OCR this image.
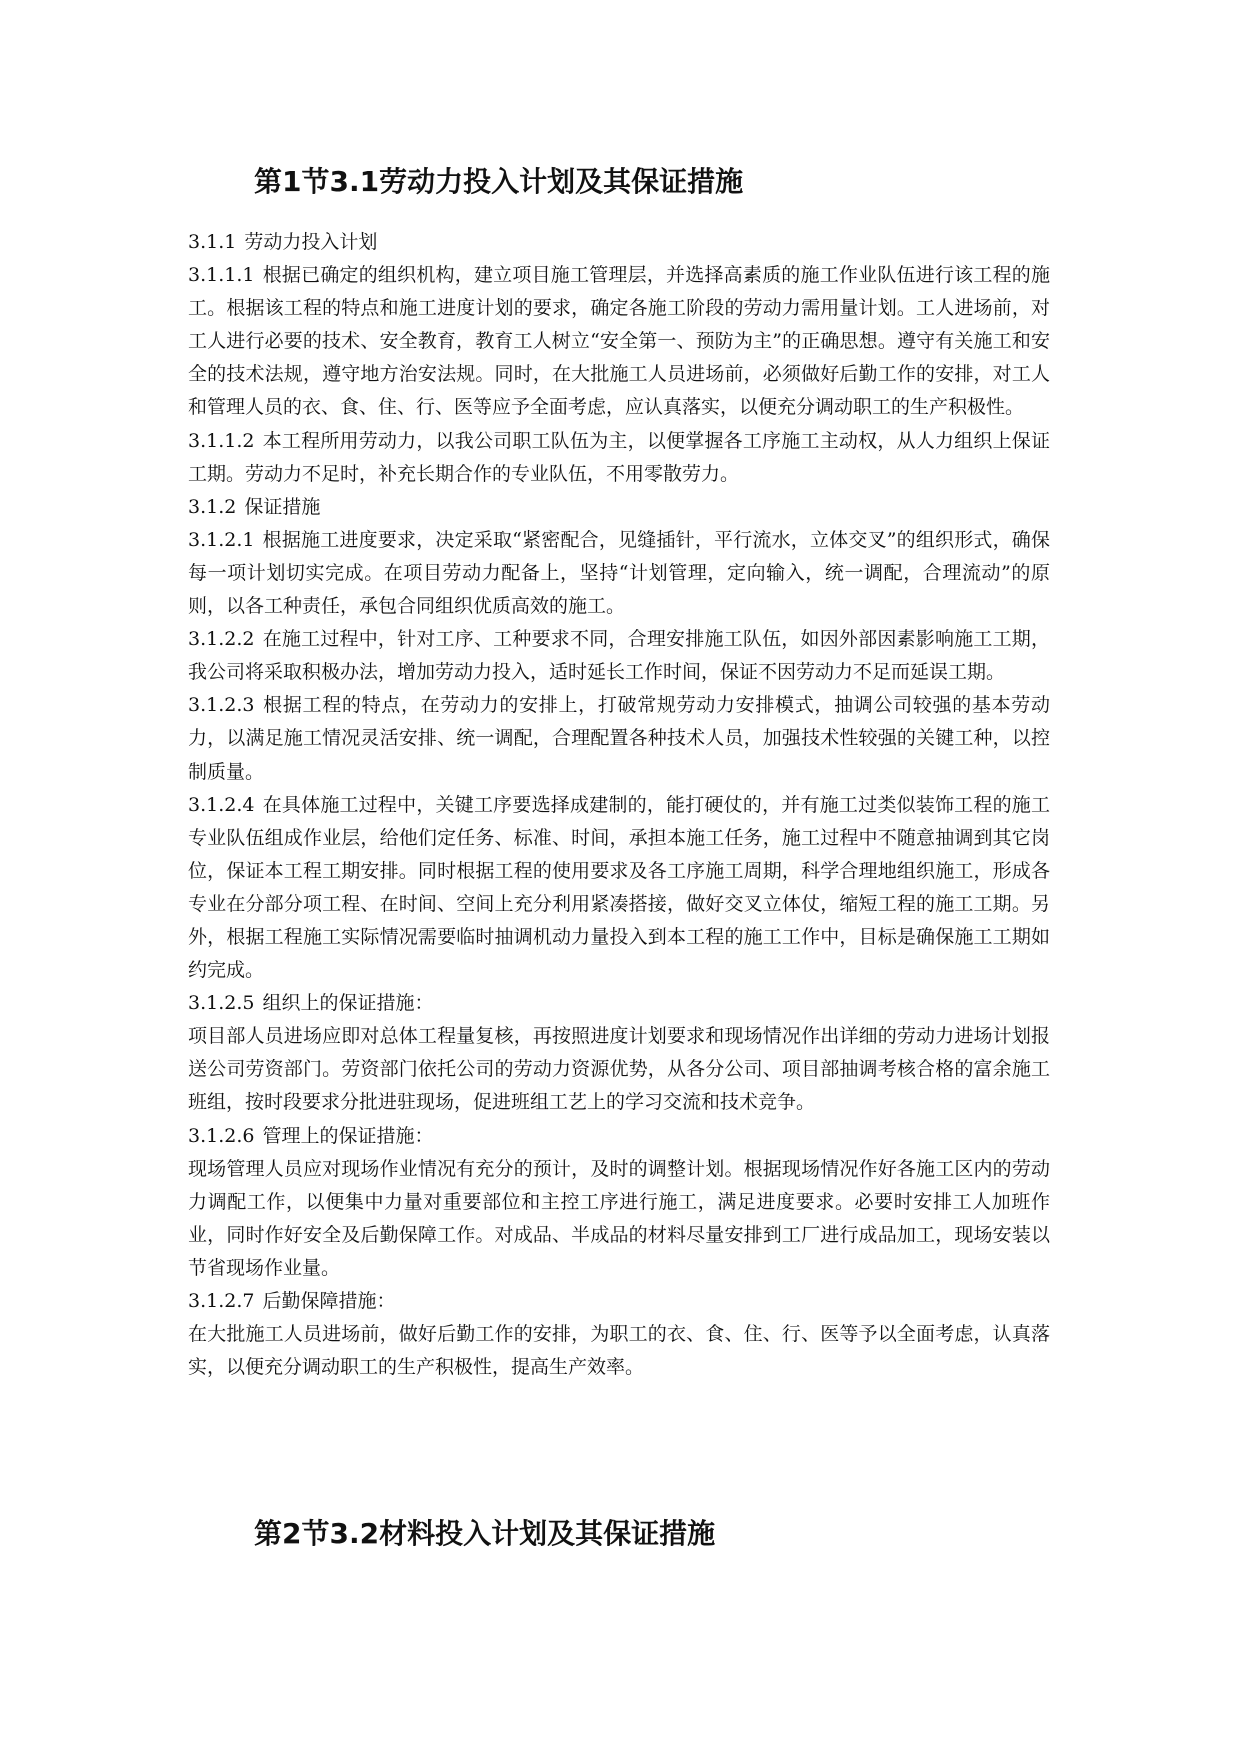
第1节3.1劳动力投入计划及其保证措施

3.1.1 劳动力投入计划

3.1.1.1 根据已确定的组织机构，建立项目施工管理层，并选择高素质的施工作业队伍进行该工程的施工。根据该工程的特点和施工进度计划的要求，确定各施工阶段的劳动力需用量计划。工人进场前，对工人进行必要的技术、安全教育，教育工人树立“安全第一、预防为主”的正确思想。遵守有关施工和安全的技术法规，遵守地方治安法规。同时，在大批施工人员进场前，必须做好后勤工作的安排，对工人和管理人员的衣、食、住、行、医等应予全面考虑，应认真落实，以便充分调动职工的生产积极性。

3.1.1.2 本工程所用劳动力，以我公司职工队伍为主，以便掌握各工序施工主动权，从人力组织上保证工期。劳动力不足时，补充长期合作的专业队伍，不用零散劳力。

3.1.2 保证措施

3.1.2.1 根据施工进度要求，决定采取“紧密配合，见缝插针，平行流水，立体交叉”的组织形式，确保每一项计划切实完成。在项目劳动力配备上，坚持“计划管理，定向输入，统一调配，合理流动”的原则，以各工种责任，承包合同组织优质高效的施工。

3.1.2.2 在施工过程中，针对工序、工种要求不同，合理安排施工队伍，如因外部因素影响施工工期，我公司将采取积极办法，增加劳动力投入，适时延长工作时间，保证不因劳动力不足而延误工期。

3.1.2.3 根据工程的特点，在劳动力的安排上，打破常规劳动力安排模式，抽调公司较强的基本劳动力，以满足施工情况灵活安排、统一调配，合理配置各种技术人员，加强技术性较强的关键工种，以控制质量。

3.1.2.4 在具体施工过程中，关键工序要选择成建制的，能打硬仗的，并有施工过类似装饰工程的施工专业队伍组成作业层，给他们定任务、标准、时间，承担本施工任务，施工过程中不随意抽调到其它岗位，保证本工程工期安排。同时根据工程的使用要求及各工序施工周期，科学合理地组织施工，形成各专业在分部分项工程、在时间、空间上充分利用紧凑搭接，做好交叉立体仗，缩短工程的施工工期。另外，根据工程施工实际情况需要临时抽调机动力量投入到本工程的施工工作中，目标是确保施工工期如约完成。

3.1.2.5 组织上的保证措施：

项目部人员进场应即对总体工程量复核，再按照进度计划要求和现场情况作出详细的劳动力进场计划报送公司劳资部门。劳资部门依托公司的劳动力资源优势，从各分公司、项目部抽调考核合格的富余施工班组，按时段要求分批进驻现场，促进班组工艺上的学习交流和技术竞争。

3.1.2.6 管理上的保证措施：

现场管理人员应对现场作业情况有充分的预计，及时的调整计划。根据现场情况作好各施工区内的劳动力调配工作，以便集中力量对重要部位和主控工序进行施工，满足进度要求。必要时安排工人加班作业，同时作好安全及后勤保障工作。对成品、半成品的材料尽量安排到工厂进行成品加工，现场安装以节省现场作业量。

3.1.2.7 后勤保障措施：

在大批施工人员进场前，做好后勤工作的安排，为职工的衣、食、住、行、医等予以全面考虑，认真落实，以便充分调动职工的生产积极性，提高生产效率。

第2节3.2材料投入计划及其保证措施
